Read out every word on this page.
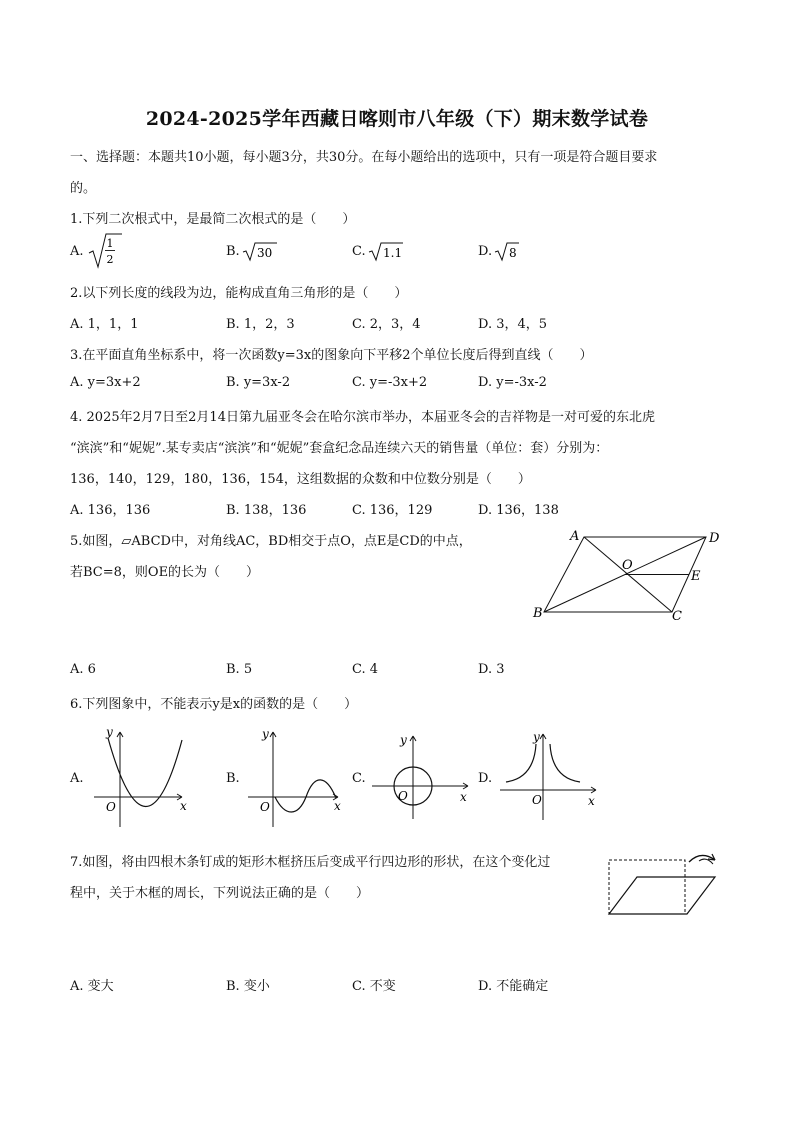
2024-2025学年西藏日喀则市八年级（下）期末数学试卷
一、选择题：本题共10小题，每小题3分，共30分。在每小题给出的选项中，只有一项是符合题目要求
的。
1.下列二次根式中，是最简二次根式的是（　　）
A.
1
2
B. 30	C. 1.1	D. 8
2.以下列长度的线段为边，能构成直角三角形的是（　　）
A. 1，1，1	B. 1，2，3	C. 2，3，4	D. 3，4，5
3.在平面直角坐标系中，将一次函数y=3x的图象向下平移2个单位长度后得到直线（　　）
A. y=3x+2	B. y=3x-2	C. y=-3x+2	D. y=-3x-2
4. 2025年2月7日至2月14日第九届亚冬会在哈尔滨市举办，本届亚冬会的吉祥物是一对可爱的东北虎
“滨滨”和“妮妮”.某专卖店“滨滨”和“妮妮”套盒纪念品连续六天的销售量（单位：套）分别为：
136，140，129，180，136，154，这组数据的众数和中位数分别是（　　）
A. 136，136	B. 138，136	C. 136，129	D. 136，138
5.如图，▱ABCD中，对角线AC，BD相交于点O，点E是CD的中点，
若BC=8，则OE的长为（　　）
A	D
O
E
B	C
A. 6	B. 5	C. 4	D. 3
6.下列图象中，不能表示y是x的函数的是（　　）
A.
y
x
O
B.
y
x
O
C.
y
x
O
D.
y
x
O
7.如图，将由四根木条钉成的矩形木框挤压后变成平行四边形的形状，在这个变化过
程中，关于木框的周长，下列说法正确的是（　　）
A. 变大	B. 变小	C. 不变	D. 不能确定
